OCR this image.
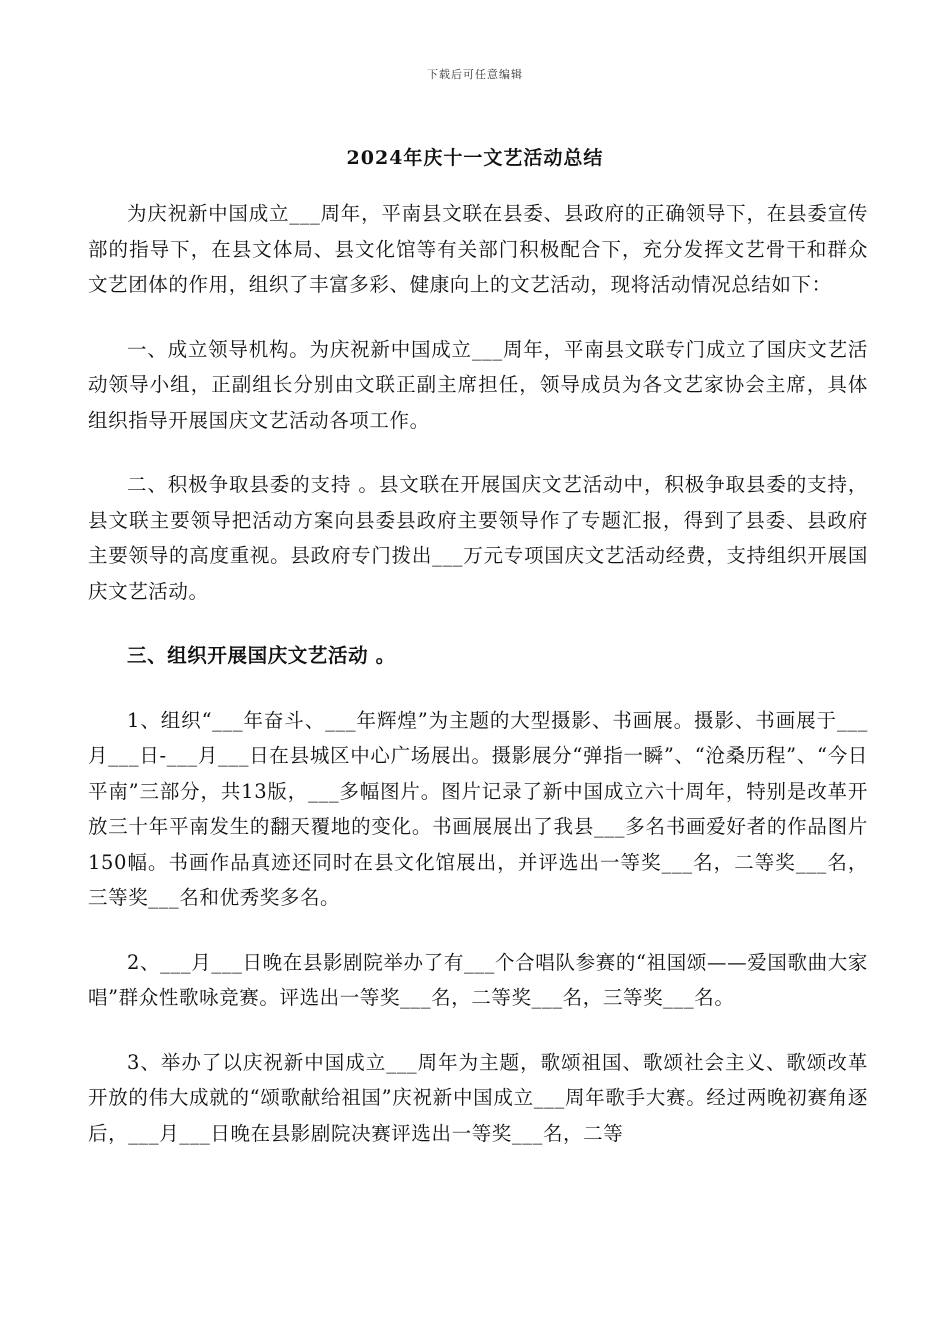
下载后可任意编辑
2024年庆十一文艺活动总结

为庆祝新中国成立___周年，平南县文联在县委、县政府的正确领导下，在县委宣传部的指导下，在县文体局、县文化馆等有关部门积极配合下，充分发挥文艺骨干和群众文艺团体的作用，组织了丰富多彩、健康向上的文艺活动，现将活动情况总结如下：

一、成立领导机构。为庆祝新中国成立___周年，平南县文联专门成立了国庆文艺活动领导小组，正副组长分别由文联正副主席担任，领导成员为各文艺家协会主席，具体组织指导开展国庆文艺活动各项工作。

二、积极争取县委的支持 。县文联在开展国庆文艺活动中，积极争取县委的支持，县文联主要领导把活动方案向县委县政府主要领导作了专题汇报，得到了县委、县政府主要领导的高度重视。县政府专门拨出___万元专项国庆文艺活动经费，支持组织开展国庆文艺活动。

三、组织开展国庆文艺活动 。

1、组织“___年奋斗、___年辉煌”为主题的大型摄影、书画展。摄影、书画展于___月___日-___月___日在县城区中心广场展出。摄影展分“弹指一瞬”、“沧桑历程”、“今日平南”三部分，共13版，___多幅图片。图片记录了新中国成立六十周年，特别是改革开放三十年平南发生的翻天覆地的变化。书画展展出了我县___多名书画爱好者的作品图片150幅。书画作品真迹还同时在县文化馆展出，并评选出一等奖___名，二等奖___名，三等奖___名和优秀奖多名。

2、___月___日晚在县影剧院举办了有___个合唱队参赛的“祖国颂——爱国歌曲大家唱”群众性歌咏竞赛。评选出一等奖___名，二等奖___名，三等奖___名。

3、举办了以庆祝新中国成立___周年为主题，歌颂祖国、歌颂社会主义、歌颂改革开放的伟大成就的“颂歌献给祖国”庆祝新中国成立___周年歌手大赛。经过两晚初赛角逐后，___月___日晚在县影剧院决赛评选出一等奖___名，二等
